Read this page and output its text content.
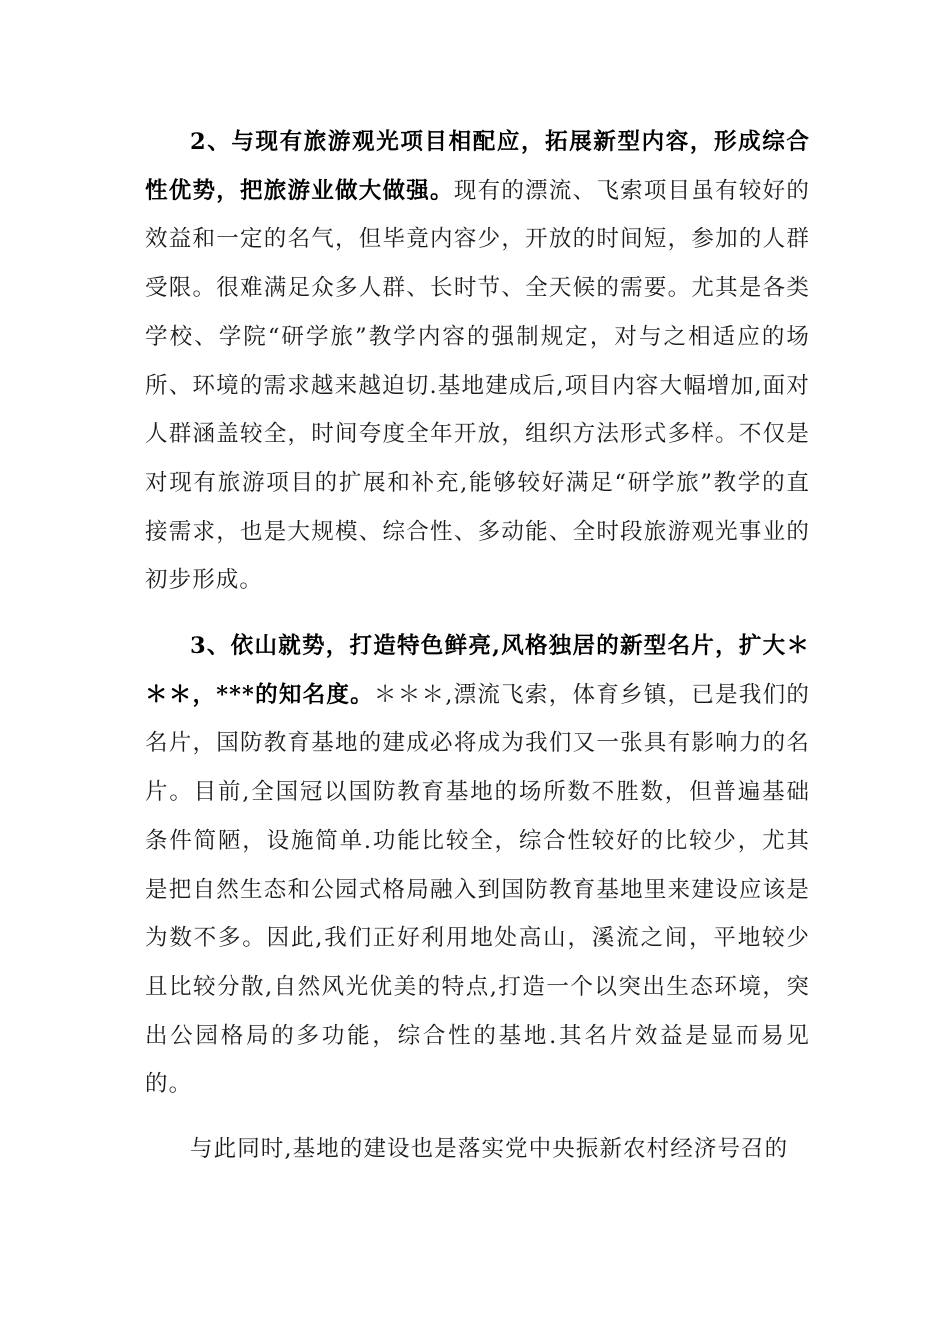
2、与现有旅游观光项目相配应，拓展新型内容，形成综合性优势，把旅游业做大做强。现有的漂流、飞索项目虽有较好的效益和一定的名气，但毕竟内容少，开放的时间短，参加的人群受限。很难满足众多人群、长时节、全天候的需要。尤其是各类学校、学院“研学旅”教学内容的强制规定，对与之相适应的场所、环境的需求越来越迫切.基地建成后,项目内容大幅增加,面对人群涵盖较全，时间夸度全年开放，组织方法形式多样。不仅是对现有旅游项目的扩展和补充,能够较好满足“研学旅”教学的直接需求，也是大规模、综合性、多动能、全时段旅游观光事业的初步形成。

3、依山就势，打造特色鲜亮,风格独居的新型名片，扩大＊＊＊，***的知名度。＊＊＊,漂流飞索，体育乡镇，已是我们的名片，国防教育基地的建成必将成为我们又一张具有影响力的名片。目前,全国冠以国防教育基地的场所数不胜数，但普遍基础条件简陋，设施简单.功能比较全，综合性较好的比较少，尤其是把自然生态和公园式格局融入到国防教育基地里来建设应该是为数不多。因此,我们正好利用地处高山，溪流之间，平地较少且比较分散,自然风光优美的特点,打造一个以突出生态环境，突出公园格局的多功能，综合性的基地.其名片效益是显而易见的。

与此同时,基地的建设也是落实党中央振新农村经济号召的
